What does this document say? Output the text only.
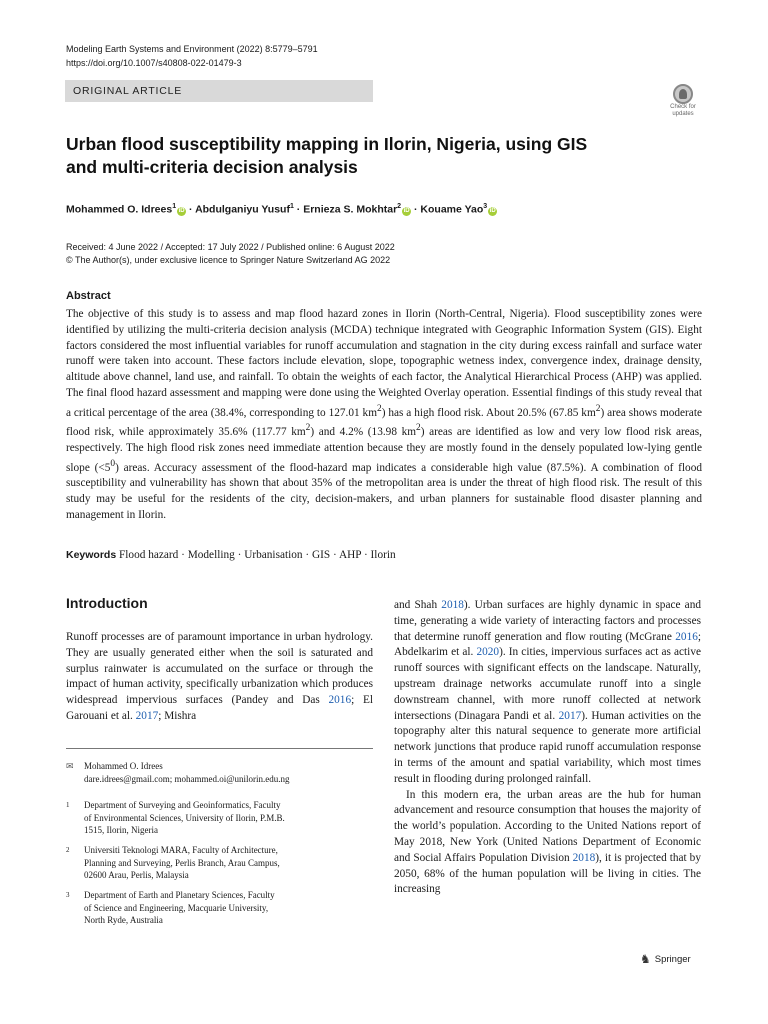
Modeling Earth Systems and Environment (2022) 8:5779–5791
https://doi.org/10.1007/s40808-022-01479-3
ORIGINAL ARTICLE
Check for
updates
Urban flood susceptibility mapping in Ilorin, Nigeria, using GIS
and multi-criteria decision analysis
Mohammed O. Idrees$^1$iD · Abdulganiyu Yusuf$^1$ · Ernieza S. Mokhtar$^2$iD · Kouame Yao$^3$iD
Received: 4 June 2022 / Accepted: 17 July 2022 / Published online: 6 August 2022
© The Author(s), under exclusive licence to Springer Nature Switzerland AG 2022
Abstract
The objective of this study is to assess and map flood hazard zones in Ilorin (North-Central, Nigeria). Flood susceptibility zones were identified by utilizing the multi-criteria decision analysis (MCDA) technique integrated with Geographic Information System (GIS). Eight factors considered the most influential variables for runoff accumulation and stagnation in the city during excess rainfall and surface water runoff were taken into account. These factors include elevation, slope, topographic wetness index, convergence index, drainage density, altitude above channel, land use, and rainfall. To obtain the weights of each factor, the Analytical Hierarchical Process (AHP) was applied. The final flood hazard assessment and mapping were done using the Weighted Overlay operation. Essential findings of this study reveal that a critical percentage of the area (38.4%, corresponding to 127.01 $km^2$) has a high flood risk. About 20.5% (67.85 $km^2$) area shows moderate flood risk, while approximately 35.6% (117.77 $km^2$) and 4.2% (13.98 $km^2$) areas are identified as low and very low flood risk areas, respectively. The high flood risk zones need immediate attention because they are mostly found in the densely populated low-lying gentle slope $(<5^0)$ areas. Accuracy assessment of the flood-hazard map indicates a considerable high value (87.5%). A combination of flood susceptibility and vulnerability has shown that about 35% of the metropolitan area is under the threat of high flood risk. The result of this study may be useful for the residents of the city, decision-makers, and urban planners for sustainable flood disaster planning and management in Ilorin.
Keywords Flood hazard · Modelling · Urbanisation · GIS · AHP · Ilorin
Introduction

Runoff processes are of paramount importance in urban hydrology. They are usually generated either when the soil is saturated and surplus rainwater is accumulated on the surface or through the impact of human activity, specifically urbanization which produces widespread impervious surfaces (Pandey and Das 2016; El Garouani et al. 2017; Mishra

and Shah 2018). Urban surfaces are highly dynamic in space and time, generating a wide variety of interacting factors and processes that determine runoff generation and flow routing (McGrane 2016; Abdelkarim et al. 2020). In cities, impervious surfaces act as active runoff sources with significant effects on the landscape. Naturally, upstream drainage networks accumulate runoff into a single downstream channel, with more runoff collected at network intersections (Dinagara Pandi et al. 2017). Human activities on the topography alter this natural sequence to generate more artificial network junctions that produce rapid runoff accumulation response in terms of the amount and spatial variability, which most times result in flooding during prolonged rainfall.

In this modern era, the urban areas are the hub for human advancement and resource consumption that houses the majority of the world’s population. According to the United Nations report of May 2018, New York (United Nations Department of Economic and Social Affairs Population Division 2018), it is projected that by 2050, 68% of the human population will be living in cities. The increasing

✉ Mohammed O. Idrees
dare.idrees@gmail.com; mohammed.oi@unilorin.edu.ng
1 Department of Surveying and Geoinformatics, Faculty
of Environmental Sciences, University of Ilorin, P.M.B.
1515, Ilorin, Nigeria
2 Universiti Teknologi MARA, Faculty of Architecture,
Planning and Surveying, Perlis Branch, Arau Campus,
02600 Arau, Perlis, Malaysia
3 Department of Earth and Planetary Sciences, Faculty
of Science and Engineering, Macquarie University,
North Ryde, Australia
♞ Springer
